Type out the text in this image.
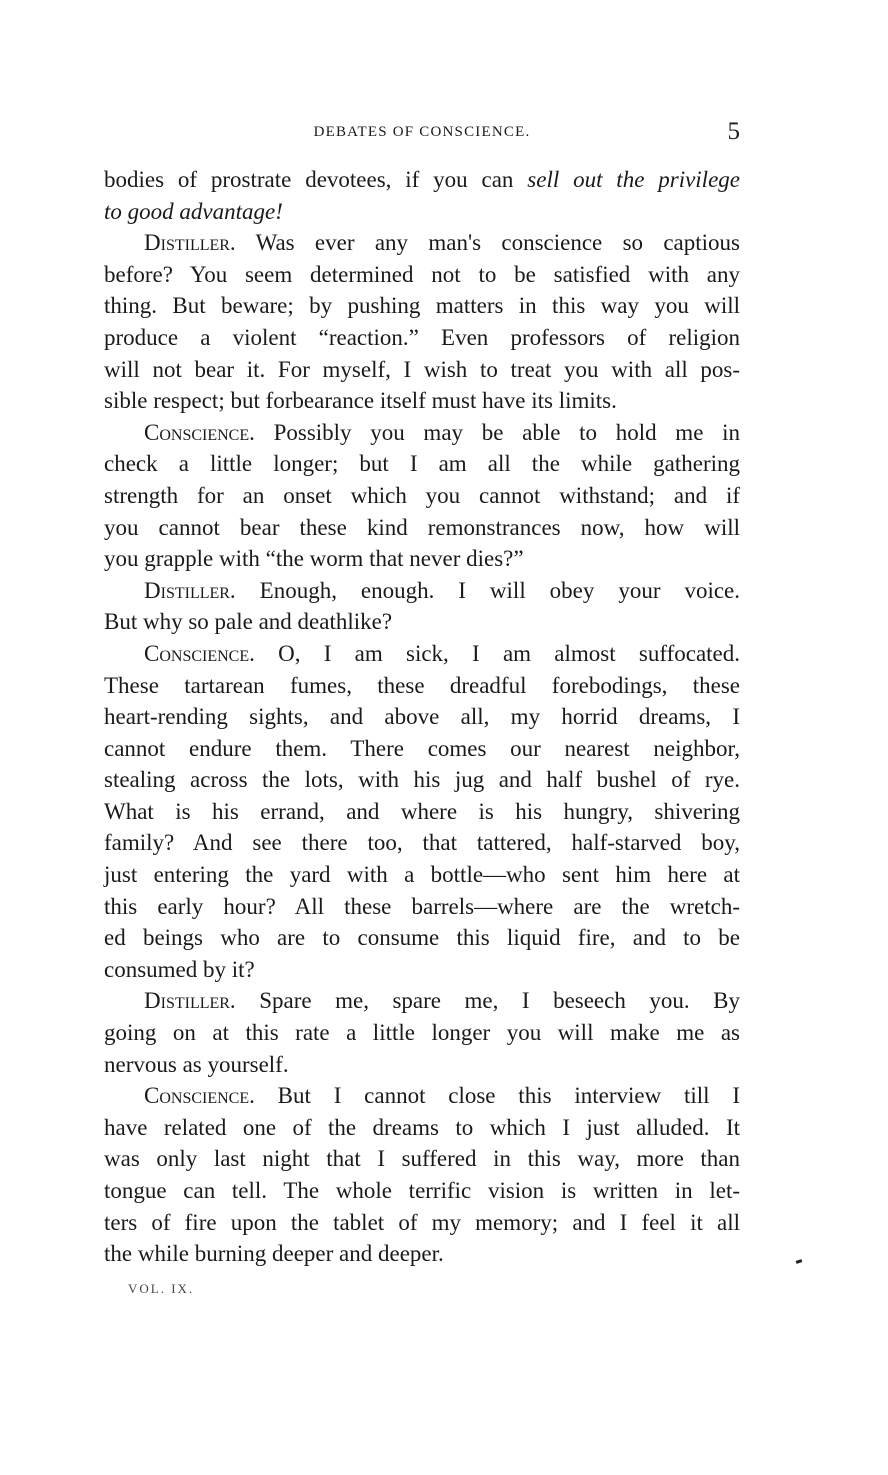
DEBATES OF CONSCIENCE.	5
bodies of prostrate devotees, if you can sell out the privilege
to good advantage!
Distiller. Was ever any man's conscience so captious
before? You seem determined not to be satisfied with any
thing. But beware; by pushing matters in this way you will
produce a violent “reaction.” Even professors of religion
will not bear it. For myself, I wish to treat you with all pos-
sible respect; but forbearance itself must have its limits.
Conscience. Possibly you may be able to hold me in
check a little longer; but I am all the while gathering
strength for an onset which you cannot withstand; and if
you cannot bear these kind remonstrances now, how will
you grapple with “the worm that never dies?”
Distiller. Enough, enough. I will obey your voice.
But why so pale and deathlike?
Conscience. O, I am sick, I am almost suffocated.
These tartarean fumes, these dreadful forebodings, these
heart-rending sights, and above all, my horrid dreams, I
cannot endure them. There comes our nearest neighbor,
stealing across the lots, with his jug and half bushel of rye.
What is his errand, and where is his hungry, shivering
family? And see there too, that tattered, half-starved boy,
just entering the yard with a bottle—who sent him here at
this early hour? All these barrels—where are the wretch-
ed beings who are to consume this liquid fire, and to be
consumed by it?
Distiller. Spare me, spare me, I beseech you. By
going on at this rate a little longer you will make me as
nervous as yourself.
Conscience. But I cannot close this interview till I
have related one of the dreams to which I just alluded. It
was only last night that I suffered in this way, more than
tongue can tell. The whole terrific vision is written in let-
ters of fire upon the tablet of my memory; and I feel it all
the while burning deeper and deeper.
VOL. IX.
